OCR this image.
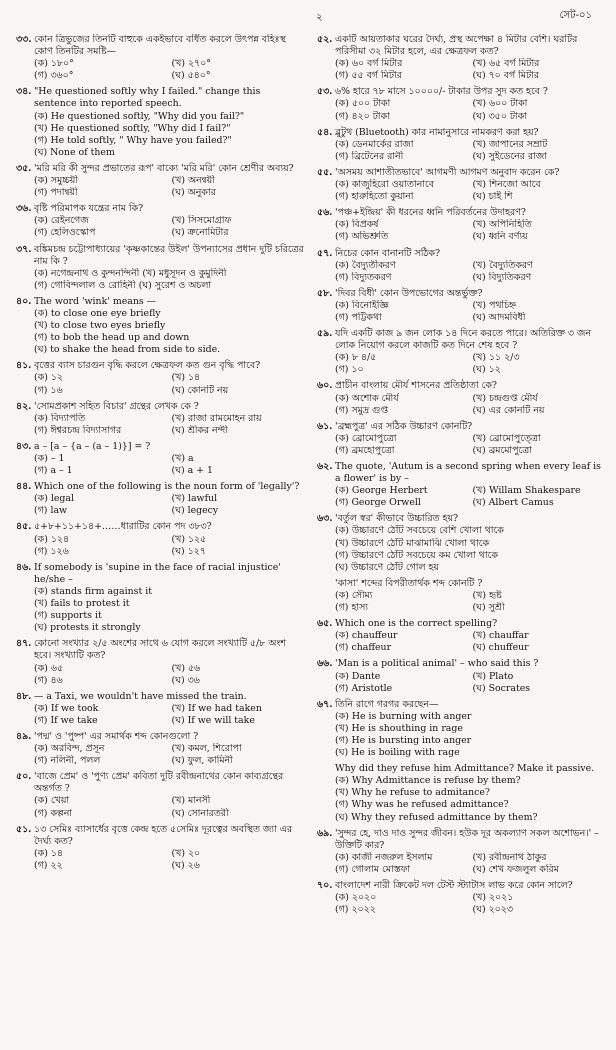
২	সেট-০১
৩৩. কোন ত্রিভুজের তিনটি বাহুকে একইভাবে বর্ধিত করলে উৎপন্ন বহিঃস্থ কোণ তিনটির সমষ্টি—
(ক) ১৮০°	(খ) ২৭০°
(গ) ৩৬০°	(ঘ) ৫৪০°
৩৪. "He questioned softly why I failed." change this sentence into reported speech.
(ক) He questioned softly, "Why did you fail?"
(খ) He questioned softly, "Why did I fail?"
(গ) He told softly, " Why have you failed?"
(ঘ) None of them
৩৫. 'মরি মরি কী সুন্দর প্রভাতের রূপ' বাক্যে 'মরি মরি' কোন শ্রেণীর অব্যয়?
(ক) সমুচ্চয়ী	(খ) অনন্বয়ী
(গ) পদান্বয়ী	(ঘ) অনুকার
৩৬. বৃষ্টি পরিমাপক যন্ত্রের নাম কি?
(ক) রেইনগেজ	(খ) সিসমোগ্রাফ
(গ) হেলিওস্কোপ	(ঘ) ক্রনোমিটার
৩৭. বঙ্কিমচন্দ্র চট্টোপাধ্যায়ের 'কৃষ্ণকান্তের উইল' উপন্যাসের প্রধান দুটি চরিত্রের নাম কি ?
(ক) নগেন্দ্রনাথ ও কুন্দনন্দিনী (খ) মধুসূদন ও কুমুদিনী
(গ) গোবিন্দলাল ও রোহিনী (ঘ) সুরেশ ও অচলা
৪০. The word 'wink' means —
(ক) to close one eye briefly
(খ) to close two eyes briefly
(গ) to bob the head up and down
(ঘ) to shake the head from side to side.
৪১. বৃত্তের ব্যাস চারগুন বৃদ্ধি করলে ক্ষেত্রফল কত গুন বৃদ্ধি পাবে?
(ক) ১২	(খ) ১৪
(গ) ১৬	(ঘ) কোনটি নয়
৪২. 'সোমপ্রকাশ সহিত বিচার' গ্রন্থের লেখক কে ?
(ক) বিদ্যাপতি	(খ) রাজা রামমোহন রায়
(গ) ঈশ্বরচন্দ্র বিদ্যাসাগর	(ঘ) শ্রীকর নন্দী
৪৩. a – [a – {a – (a – 1)}] = ?
(ক) – 1	(খ) a
(গ) a – 1	(ঘ) a + 1
৪৪. Which one of the following is the noun form of 'legally'?
(ক) legal	(খ) lawful
(গ) law	(ঘ) legecy
৪৫. ৫+৮+১১+১৪+……ধারাটির কোন পদ ৩৮৩?
(ক) ১২৪	(খ) ১২৫
(গ) ১২৬	(ঘ) ১২৭
৪৬. If somebody is 'supine in the face of racial injustice' he/she –
(ক) stands firm against it
(খ) fails to protest it
(গ) supports it
(ঘ) protests it strongly
৪৭. কোনো সংখ্যার ২/৫ অংশের সাথে ৬ যোগ করলে সংখ্যাটি ৫/৮ অংশ হবে। সংখ্যাটি কত?
(ক) ৬৫	(খ) ৫৬
(গ) ৪৬	(ঘ) ৩৬
৪৮. — a Taxi, we wouldn't have missed the train.
(ক) If we took	(খ) If we had taken
(গ) If we take	(ঘ) If we will take
৪৯. 'পদ্ম' ও 'পুষ্প' এর সমার্থক শব্দ কোনগুলো ?
(ক) অরবিন্দ, প্রসূন	(খ) কমল, শিরোপা
(গ) নলিনী, পলল	(ঘ) ফুল, কামিনী
৫০. 'বাজে প্রেম' ও 'পুণ্য প্রেম' কবিতা দুটি রবীন্দ্রনাথের কোন কাব্যগ্রন্থের অন্তর্গত ?
(ক) খেয়া	(খ) মানসী
(গ) কল্পনা	(ঘ) সোনারতরী
৫১. ১৩ সেমিঃ ব্যাসার্ধের বৃত্তে কেন্দ্র হতে ৫সেমিঃ দূরত্বের অবস্থিত জ্যা এর দৈর্ঘ্য কত?
(ক) ১৪	(খ) ২০
(গ) ২২	(ঘ) ২৬
৫২. একটি আয়তাকার ঘরের দৈর্ঘ্য, প্রস্থ অপেক্ষা ৪ মিটার বেশি। ঘরটির পরিসীমা ৩২ মিটার হলে, এর ক্ষেত্রফল কত?
(ক) ৬০ বর্গ মিটার	(খ) ৬৫ বর্গ মিটার
(গ) ৫৫ বর্গ মিটার	(ঘ) ৭০ বর্গ মিটার
৫৩. ৬% হারে ৭৮ মাসে ১০০০০/- টাকার উপর সুদ কত হবে ?
(ক) ৫০০ টাকা	(খ) ৬০০ টাকা
(গ) ৪২০ টাকা	(ঘ) ৩৫০ টাকা
৫৪. ব্লুটুথ (Bluetooth) কার নামানুসারে নামকরণ করা হয়?
(ক) ডেনমার্কের রাজা	(খ) জাপানের সম্রাট
(গ) ব্রিটেনের রানী	(ঘ) সুইডেনের রাজা
৫৫. 'অসময় আশাতীতভাবে' আগমণী আগমণ অনুবাদ করেন কে?
(ক) কাজুহিরো ওয়াতানাবে	(খ) শিনজো আবে
(গ) হারুহিতো কুয়ানা	(ঘ) চাই শি
৫৬. 'পঞ্চ+ইন্দ্রিয়' কী ধরনের ধ্বনি পরিবর্তনের উদাহরণ?
(ক) বিপ্রকর্ষ	(খ) অপিনিহিতি
(গ) অভিশ্রুতি	(ঘ) ধ্বনি বর্ণ্যয়
৫৭. নিচের কোন বানানটি সঠিক?
(ক) বৈদ্যুতীকরণ	(খ) বৈদ্যুতিকরণ
(গ) বিদ্যুতকরণ	(ঘ) বিদ্যুতিকরণ
৫৮. 'দিবর বিধী' কোন উপভোগের অন্তর্ভুক্ত?
(ক) বিনোইজ্ঞি	(খ) পথচিহ্ন
(গ) পট্টিকথা	(ঘ) আদমবিধী
৫৯. যদি একটি কাজ ৯ জন লোক ১৪ দিনে করতে পারে। অতিরিক্ত ৩ জন লোক নিয়োগ করলে কাজটি কত দিনে শেষ হবে ?
(ক) ৮ ৪/৫	(খ) ১১ ২/৩
(গ) ১০	(ঘ) ১২
৬০. প্রাচীন বাংলায় মৌর্য শাসনের প্রতিষ্ঠাতা কে?
(ক) অশোক মৌর্য	(খ) চন্দ্রগুপ্ত মৌর্য
(গ) সমুদ্র গুপ্ত	(ঘ) এর কোনটি নয়
৬১. 'ব্রহ্মপুত্র' এর সঠিক উচ্চারণ কোনটি?
(ক) ব্রোমোপুত্রো	(খ) ব্রোমোপুত্ত্রো
(গ) ব্রমহোপুত্রো	(ঘ) ব্রমমোপুত্রো
৬২. The quote, 'Autum is a second spring when every leaf is a flower' is by –
(ক) George Herbert	(খ) Willam Shakespare
(গ) George Orwell	(ঘ) Albert Camus
৬৩. 'বর্তুল স্বর' কীভাবে উচ্চারিত হয়?
(ক) উচ্চারণে ঠোঁট সবচেয়ে বেশি খোলা থাকে
(খ) উচ্চারণে ঠোঁট মাঝামাঝি খোলা থাকে
(গ) উচ্চারণে ঠোঁট সবচেয়ে কম খোলা থাকে
(ঘ) উচ্চারণে ঠোঁট গোল হয়
'কাসা' শব্দের বিপরীতার্থক শব্দ কোনটি ?
(ক) সৌম্য	(খ) হৃষ্ট
(গ) হাস্য	(ঘ) সুশ্রী
৬৫. Which one is the correct spelling?
(ক) chauffeur	(খ) chauffar
(গ) chaffeur	(ঘ) chuffeur
৬৬. 'Man is a political animal' – who said this ?
(ক) Dante	(খ) Plato
(গ) Aristotle	(ঘ) Socrates
৬৭. তিনি রাগে গরগর করছেন—
(ক) He is burning with anger
(খ) He is shouthing in rage
(গ) He is bursting into anger
(ঘ) He is boiling with rage
Why did they refuse him Admittance? Make it passive.
(ক) Why Admittance is refuse by them?
(খ) Why he refuse to admitance?
(গ) Why was he refused admittance?
(ঘ) Why they refused admittance by them?
৬৯. 'সুন্দর হে, দাও দাও সুন্দর জীবন। হউক দূর অকল্যাণ সকল অশোভন।' – উক্তিটি কার?
(ক) কাজী নজরুল ইসলাম	(খ) রবীন্দ্রনাথ ঠাকুর
(গ) গোলাম মোস্তফা	(ঘ) শেখ ফজলুল করিম
৭০. বাংলাদেশ নারী ক্রিকেট দল টেস্ট স্ট্যাটাস লাভ করে কোন সালে?
(ক) ২০২০	(খ) ২০২১
(গ) ২০২২	(ঘ) ২০২৩
